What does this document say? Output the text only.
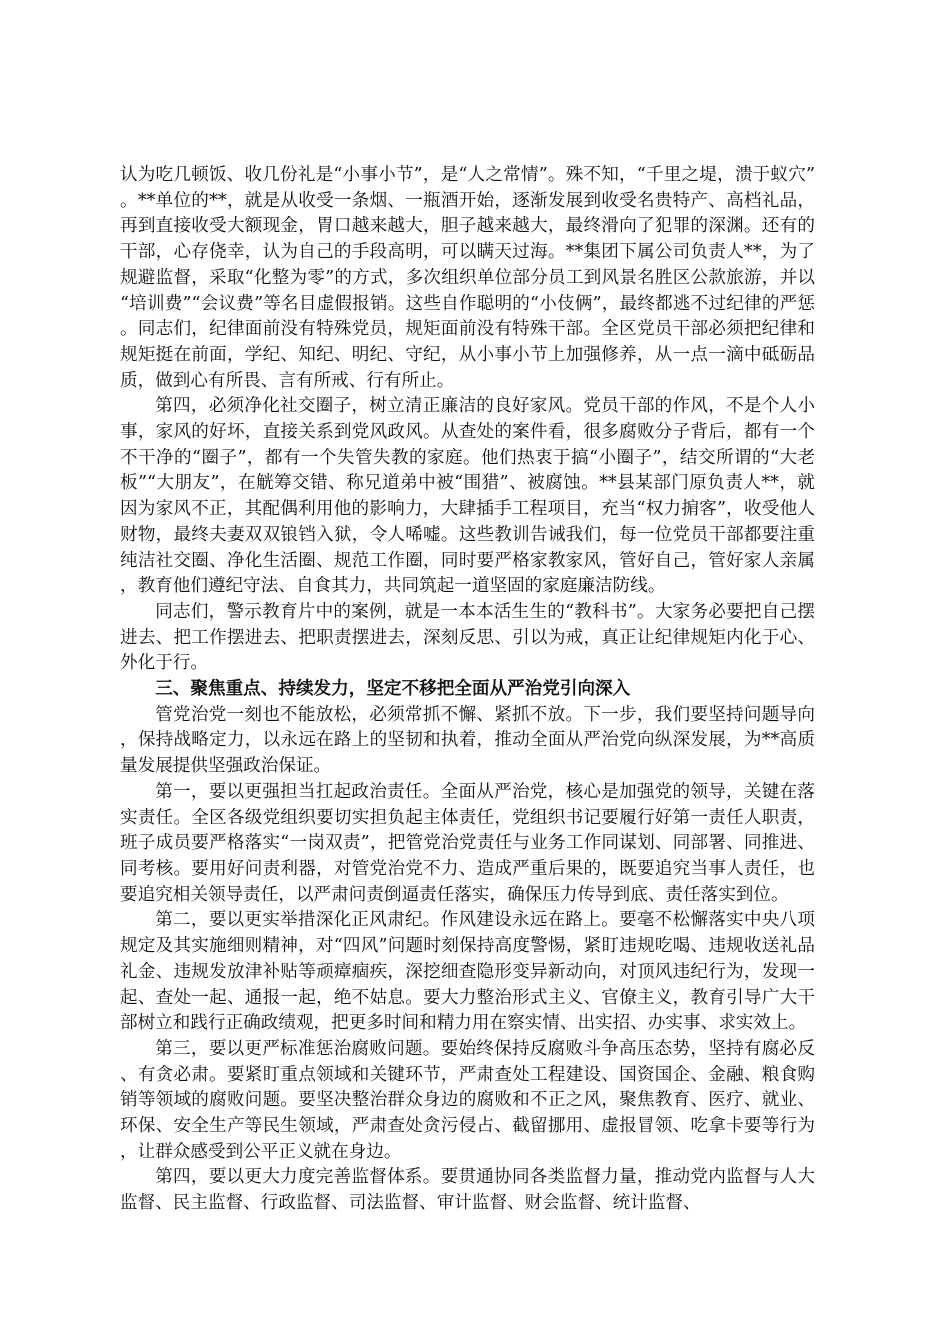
认为吃几顿饭、收几份礼是“小事小节”，是“人之常情”。殊不知，“千里之堤，溃于蚁穴”。**单位的**，就是从收受一条烟、一瓶酒开始，逐渐发展到收受名贵特产、高档礼品，再到直接收受大额现金，胃口越来越大，胆子越来越大，最终滑向了犯罪的深渊。还有的干部，心存侥幸，认为自己的手段高明，可以瞒天过海。**集团下属公司负责人**，为了规避监督，采取“化整为零”的方式，多次组织单位部分员工到风景名胜区公款旅游，并以“培训费”“会议费”等名目虚假报销。这些自作聪明的“小伎俩”，最终都逃不过纪律的严惩。同志们，纪律面前没有特殊党员，规矩面前没有特殊干部。全区党员干部必须把纪律和规矩挺在前面，学纪、知纪、明纪、守纪，从小事小节上加强修养，从一点一滴中砥砺品质，做到心有所畏、言有所戒、行有所止。

第四，必须净化社交圈子，树立清正廉洁的良好家风。党员干部的作风，不是个人小事，家风的好坏，直接关系到党风政风。从查处的案件看，很多腐败分子背后，都有一个不干净的“圈子”，都有一个失管失教的家庭。他们热衷于搞“小圈子”，结交所谓的“大老板”“大朋友”，在觥筹交错、称兄道弟中被“围猎”、被腐蚀。**县某部门原负责人**，就因为家风不正，其配偶利用他的影响力，大肆插手工程项目，充当“权力掮客”，收受他人财物，最终夫妻双双锒铛入狱，令人唏嘘。这些教训告诫我们，每一位党员干部都要注重纯洁社交圈、净化生活圈、规范工作圈，同时要严格家教家风，管好自己，管好家人亲属，教育他们遵纪守法、自食其力，共同筑起一道坚固的家庭廉洁防线。

同志们，警示教育片中的案例，就是一本本活生生的“教科书”。大家务必要把自己摆进去、把工作摆进去、把职责摆进去，深刻反思、引以为戒，真正让纪律规矩内化于心、外化于行。

三、聚焦重点、持续发力，坚定不移把全面从严治党引向深入

管党治党一刻也不能放松，必须常抓不懈、紧抓不放。下一步，我们要坚持问题导向，保持战略定力，以永远在路上的坚韧和执着，推动全面从严治党向纵深发展，为**高质量发展提供坚强政治保证。

第一，要以更强担当扛起政治责任。全面从严治党，核心是加强党的领导，关键在落实责任。全区各级党组织要切实担负起主体责任，党组织书记要履行好第一责任人职责，班子成员要严格落实“一岗双责”，把管党治党责任与业务工作同谋划、同部署、同推进、同考核。要用好问责利器，对管党治党不力、造成严重后果的，既要追究当事人责任，也要追究相关领导责任，以严肃问责倒逼责任落实，确保压力传导到底、责任落实到位。

第二，要以更实举措深化正风肃纪。作风建设永远在路上。要毫不松懈落实中央八项规定及其实施细则精神，对“四风”问题时刻保持高度警惕，紧盯违规吃喝、违规收送礼品礼金、违规发放津补贴等顽瘴痼疾，深挖细查隐形变异新动向，对顶风违纪行为，发现一起、查处一起、通报一起，绝不姑息。要大力整治形式主义、官僚主义，教育引导广大干部树立和践行正确政绩观，把更多时间和精力用在察实情、出实招、办实事、求实效上。

第三，要以更严标准惩治腐败问题。要始终保持反腐败斗争高压态势，坚持有腐必反、有贪必肃。要紧盯重点领域和关键环节，严肃查处工程建设、国资国企、金融、粮食购销等领域的腐败问题。要坚决整治群众身边的腐败和不正之风，聚焦教育、医疗、就业、环保、安全生产等民生领域，严肃查处贪污侵占、截留挪用、虚报冒领、吃拿卡要等行为，让群众感受到公平正义就在身边。

第四，要以更大力度完善监督体系。要贯通协同各类监督力量，推动党内监督与人大监督、民主监督、行政监督、司法监督、审计监督、财会监督、统计监督、
